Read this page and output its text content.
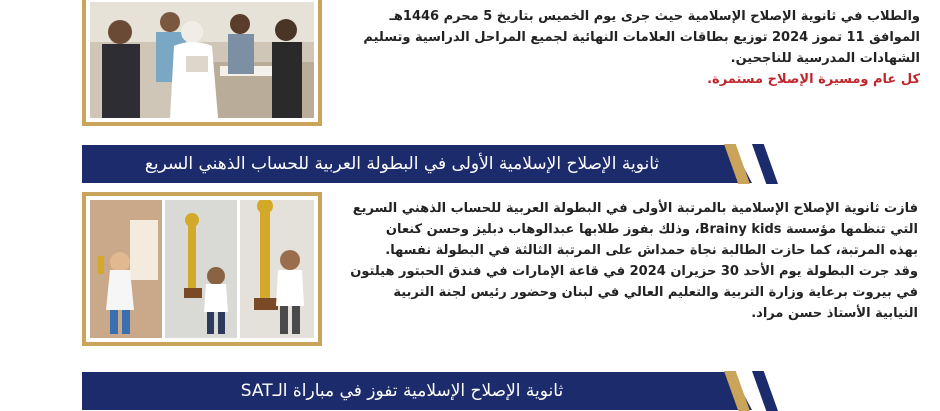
والطلاب في ثانوية الإصلاح الإسلامية حيث جرى يوم الخميس بتاريخ 5 محرم 1446هـ

الموافق 11 تموز 2024 توزيع بطاقات العلامات النهائية لجميع المراحل الدراسية وتسليم

الشهادات المدرسية للناجحين.

كل عام ومسيرة الإصلاح مستمرة.

ثانوية الإصلاح الإسلامية الأولى في البطولة العربية للحساب الذهني السريع

فازت ثانوية الإصلاح الإسلامية بالمرتبة الأولى في البطولة العربية للحساب الذهني السريع

التي تنظمها مؤسسة Brainy kids، وذلك بفوز طلابها عبدالوهاب دبليز وحسن كنعان

بهذه المرتبة، كما حازت الطالبة نجاة حمداش على المرتبة الثالثة في البطولة نفسها.

وقد جرت البطولة يوم الأحد 30 حزيران 2024 في قاعة الإمارات في فندق الحبتور هيلتون

في بيروت برعاية وزارة التربية والتعليم العالي في لبنان وحضور رئيس لجنة التربية

النيابية الأستاذ حسن مراد.

ثانوية الإصلاح الإسلامية تفوز في مباراة الـSAT
